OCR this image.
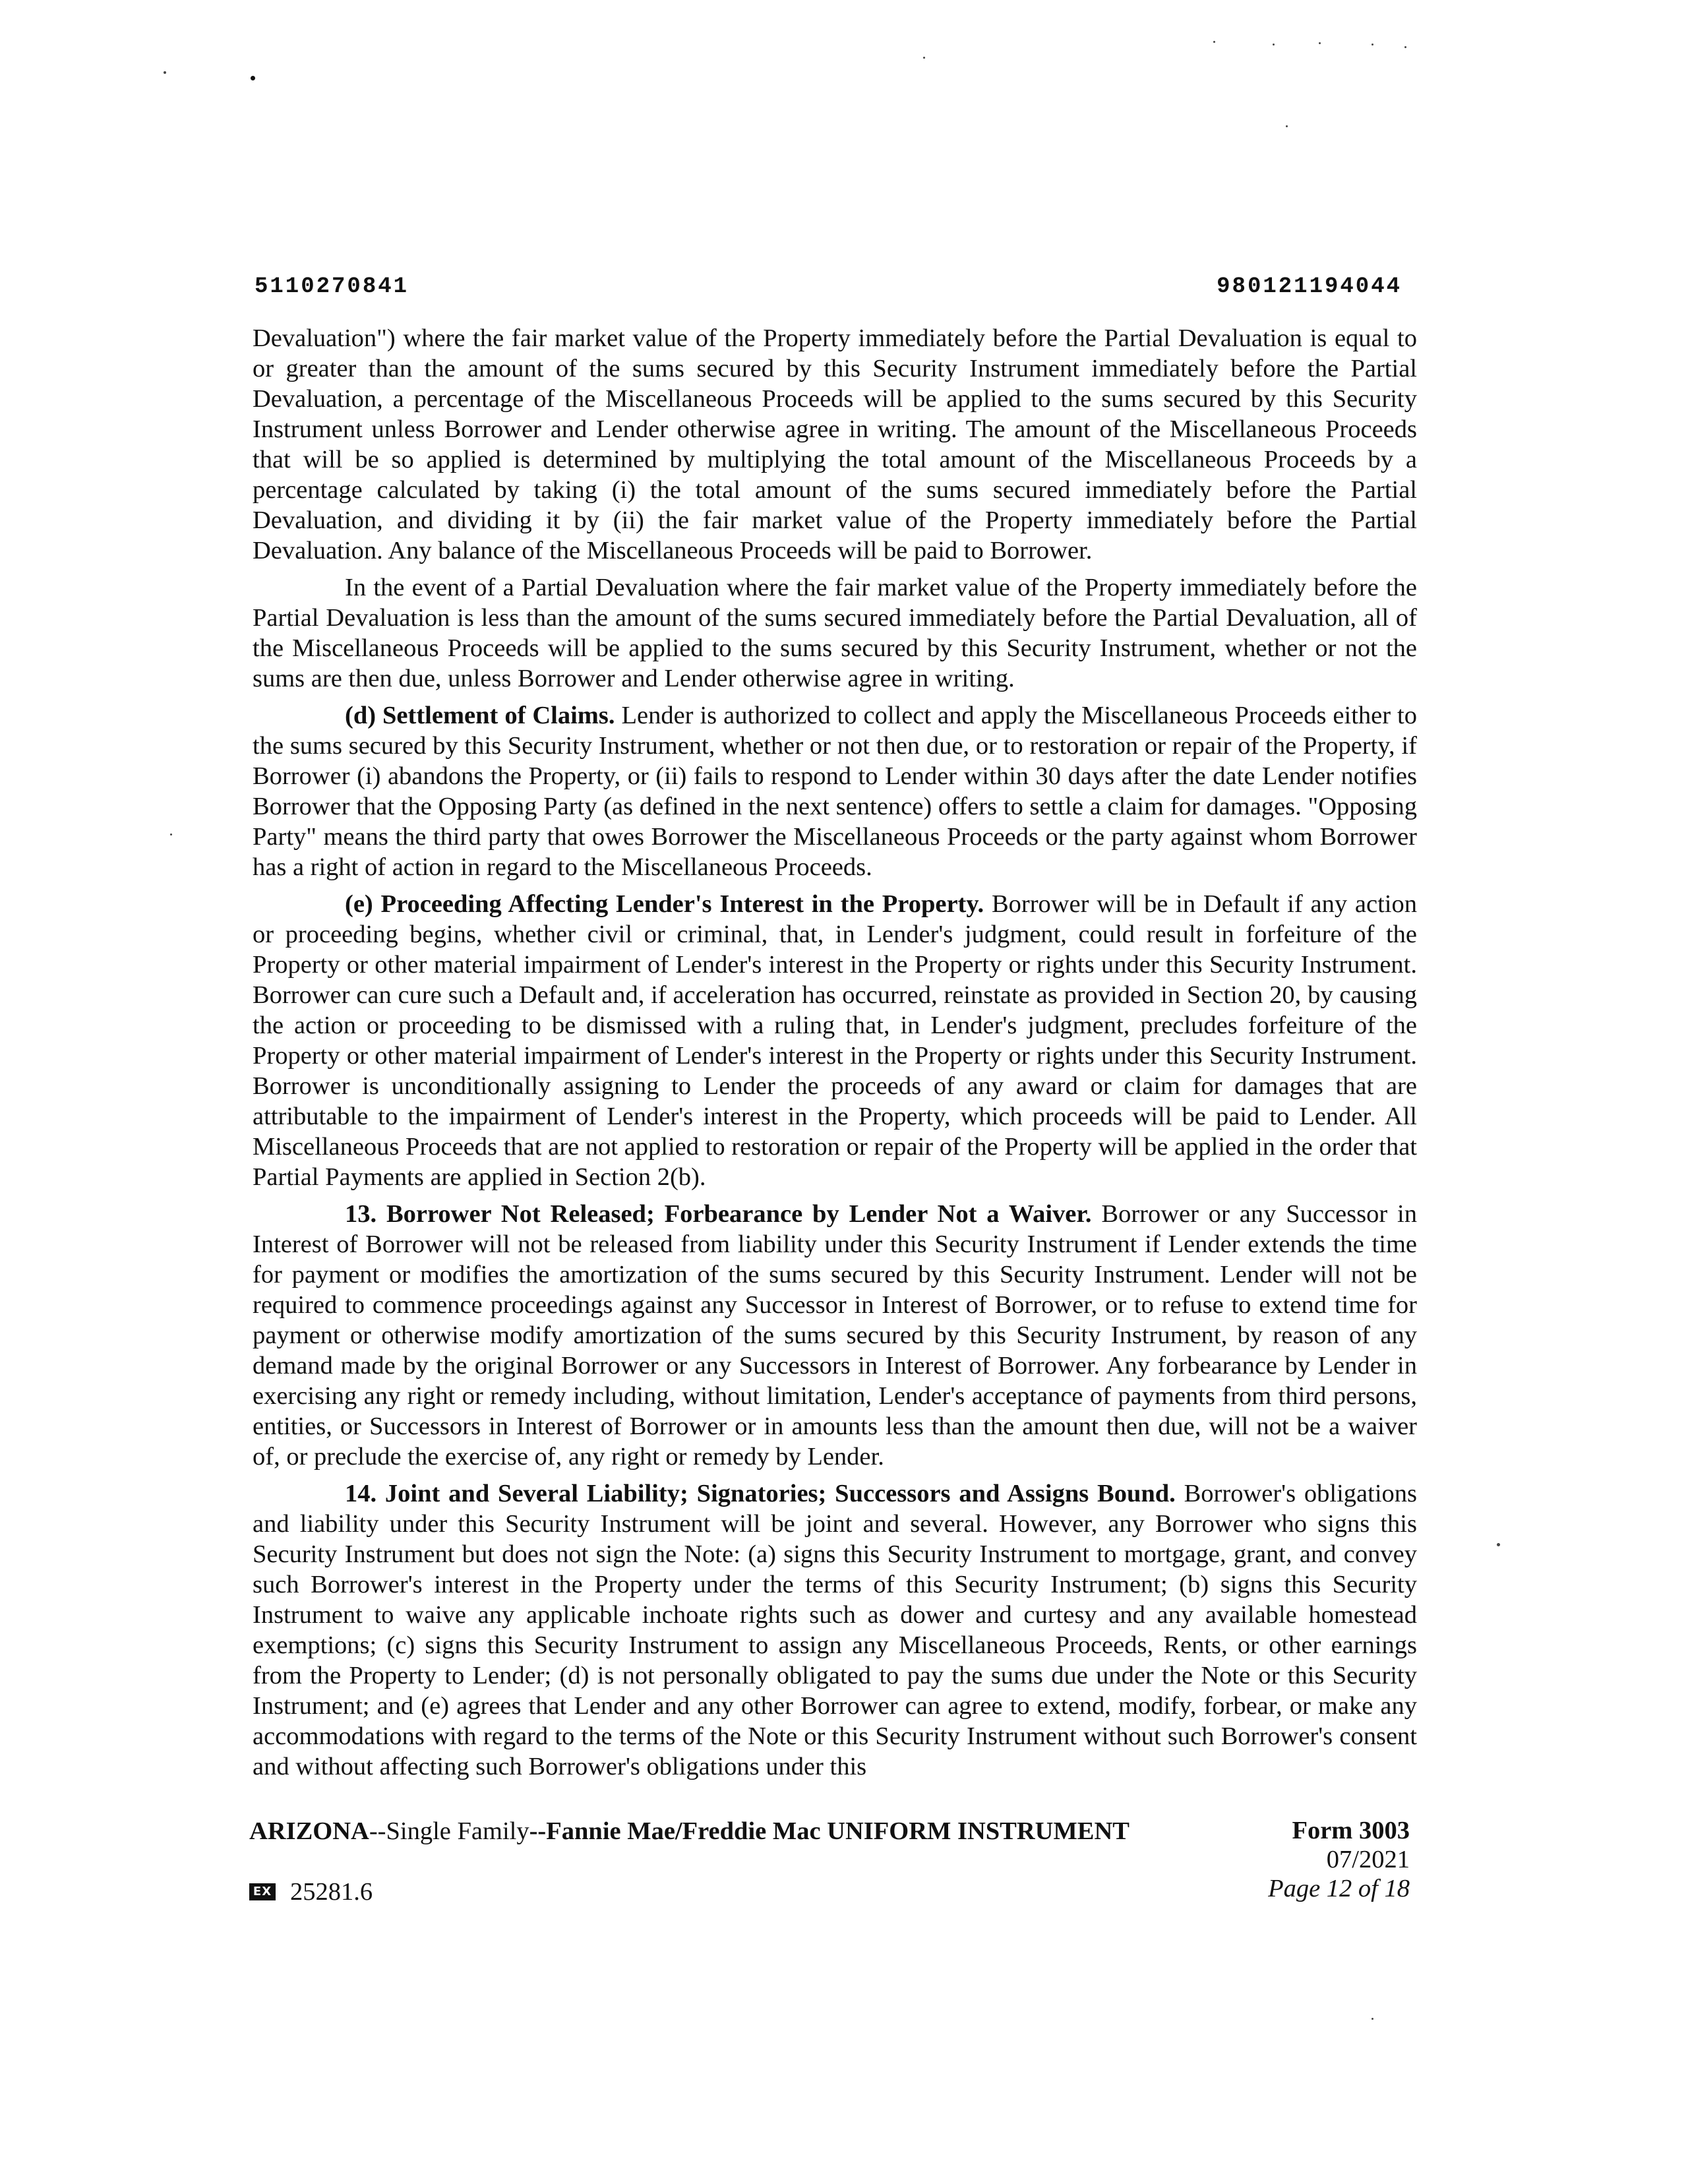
5110270841	980121194044

Devaluation") where the fair market value of the Property immediately before the Partial Devaluation is equal to or greater than the amount of the sums secured by this Security Instrument immediately before the Partial Devaluation, a percentage of the Miscellaneous Proceeds will be applied to the sums secured by this Security Instrument unless Borrower and Lender otherwise agree in writing. The amount of the Miscellaneous Proceeds that will be so applied is determined by multiplying the total amount of the Miscellaneous Proceeds by a percentage calculated by taking (i) the total amount of the sums secured immediately before the Partial Devaluation, and dividing it by (ii) the fair market value of the Property immediately before the Partial Devaluation. Any balance of the Miscellaneous Proceeds will be paid to Borrower.

In the event of a Partial Devaluation where the fair market value of the Property immediately before the Partial Devaluation is less than the amount of the sums secured immediately before the Partial Devaluation, all of the Miscellaneous Proceeds will be applied to the sums secured by this Security Instrument, whether or not the sums are then due, unless Borrower and Lender otherwise agree in writing.

(d) Settlement of Claims. Lender is authorized to collect and apply the Miscellaneous Proceeds either to the sums secured by this Security Instrument, whether or not then due, or to restoration or repair of the Property, if Borrower (i) abandons the Property, or (ii) fails to respond to Lender within 30 days after the date Lender notifies Borrower that the Opposing Party (as defined in the next sentence) offers to settle a claim for damages. "Opposing Party" means the third party that owes Borrower the Miscellaneous Proceeds or the party against whom Borrower has a right of action in regard to the Miscellaneous Proceeds.

(e) Proceeding Affecting Lender's Interest in the Property. Borrower will be in Default if any action or proceeding begins, whether civil or criminal, that, in Lender's judgment, could result in forfeiture of the Property or other material impairment of Lender's interest in the Property or rights under this Security Instrument. Borrower can cure such a Default and, if acceleration has occurred, reinstate as provided in Section 20, by causing the action or proceeding to be dismissed with a ruling that, in Lender's judgment, precludes forfeiture of the Property or other material impairment of Lender's interest in the Property or rights under this Security Instrument. Borrower is unconditionally assigning to Lender the proceeds of any award or claim for damages that are attributable to the impairment of Lender's interest in the Property, which proceeds will be paid to Lender. All Miscellaneous Proceeds that are not applied to restoration or repair of the Property will be applied in the order that Partial Payments are applied in Section 2(b).

13. Borrower Not Released; Forbearance by Lender Not a Waiver. Borrower or any Successor in Interest of Borrower will not be released from liability under this Security Instrument if Lender extends the time for payment or modifies the amortization of the sums secured by this Security Instrument. Lender will not be required to commence proceedings against any Successor in Interest of Borrower, or to refuse to extend time for payment or otherwise modify amortization of the sums secured by this Security Instrument, by reason of any demand made by the original Borrower or any Successors in Interest of Borrower. Any forbearance by Lender in exercising any right or remedy including, without limitation, Lender's acceptance of payments from third persons, entities, or Successors in Interest of Borrower or in amounts less than the amount then due, will not be a waiver of, or preclude the exercise of, any right or remedy by Lender.

14. Joint and Several Liability; Signatories; Successors and Assigns Bound. Borrower's obligations and liability under this Security Instrument will be joint and several. However, any Borrower who signs this Security Instrument but does not sign the Note: (a) signs this Security Instrument to mortgage, grant, and convey such Borrower's interest in the Property under the terms of this Security Instrument; (b) signs this Security Instrument to waive any applicable inchoate rights such as dower and curtesy and any available homestead exemptions; (c) signs this Security Instrument to assign any Miscellaneous Proceeds, Rents, or other earnings from the Property to Lender; (d) is not personally obligated to pay the sums due under the Note or this Security Instrument; and (e) agrees that Lender and any other Borrower can agree to extend, modify, forbear, or make any accommodations with regard to the terms of the Note or this Security Instrument without such Borrower's consent and without affecting such Borrower's obligations under this

ARIZONA--Single Family--Fannie Mae/Freddie Mac UNIFORM INSTRUMENT	Form 3003
07/2021
Page 12 of 18
EX 25281.6
